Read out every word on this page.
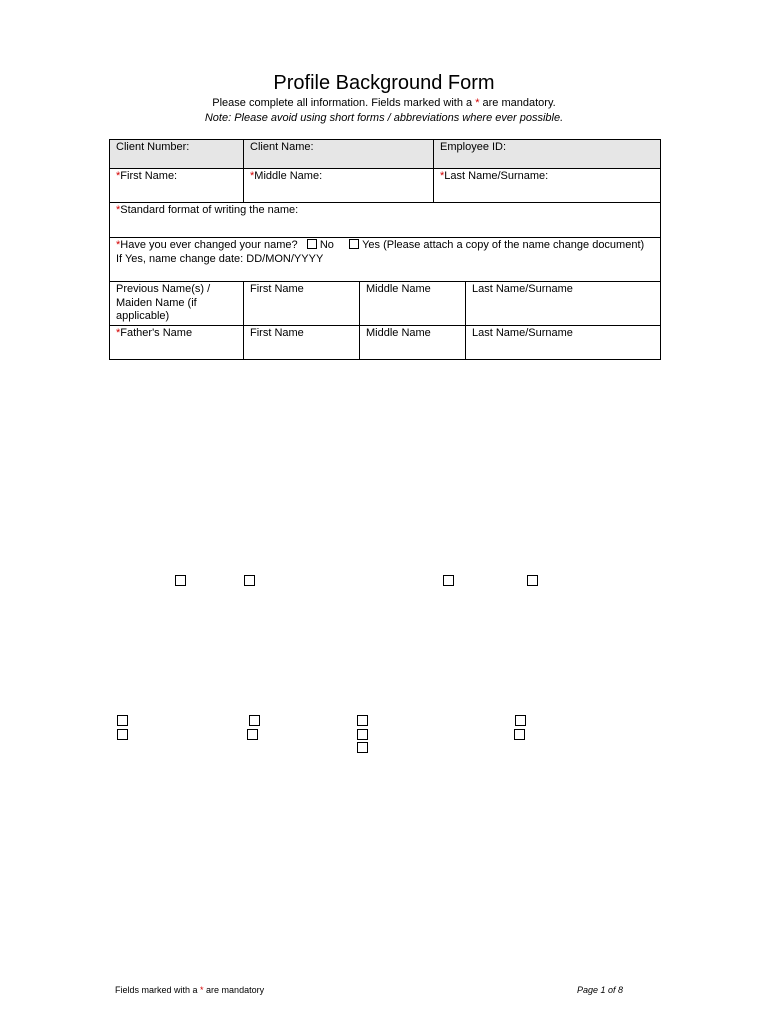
Profile Background Form
Please complete all information. Fields marked with a * are mandatory.
Note: Please avoid using short forms / abbreviations where ever possible.
Client Number:	Client Name:		Employee ID:	
*First Name:	*Middle Name:		*Last Name/Surname:	
*Standard format of writing the name:				

*Have you ever changed your name? No Yes (Please attach a copy of the name change document)
If Yes, name change date: DD/MON/YYYY				

Previous Name(s) / Maiden Name (if applicable)	First Name	Middle Name		Last Name/Surname
*Father's Name	First Name	Middle Name		Last Name/Surname
Fields marked with a * are mandatory	Page 1 of 8
